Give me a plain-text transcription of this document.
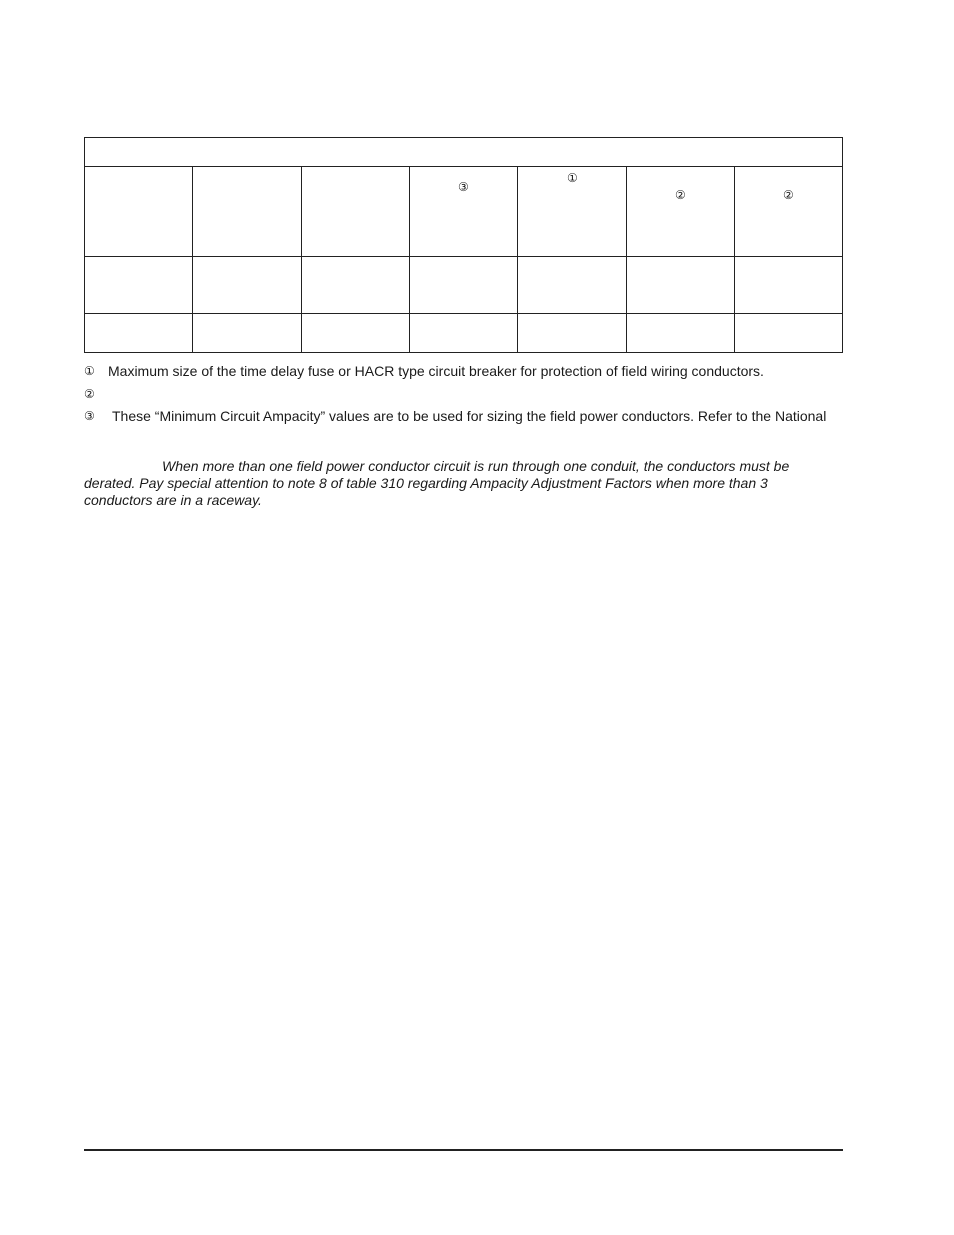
③
①
②	②
① Maximum size of the time delay fuse or HACR type circuit breaker for protection of field wiring conductors.
②
③ These “Minimum Circuit Ampacity” values are to be used for sizing the field power conductors. Refer to the National
When more than one field power conductor circuit is run through one conduit, the conductors must be derated. Pay special attention to note 8 of table 310 regarding Ampacity Adjustment Factors when more than 3 conductors are in a raceway.
